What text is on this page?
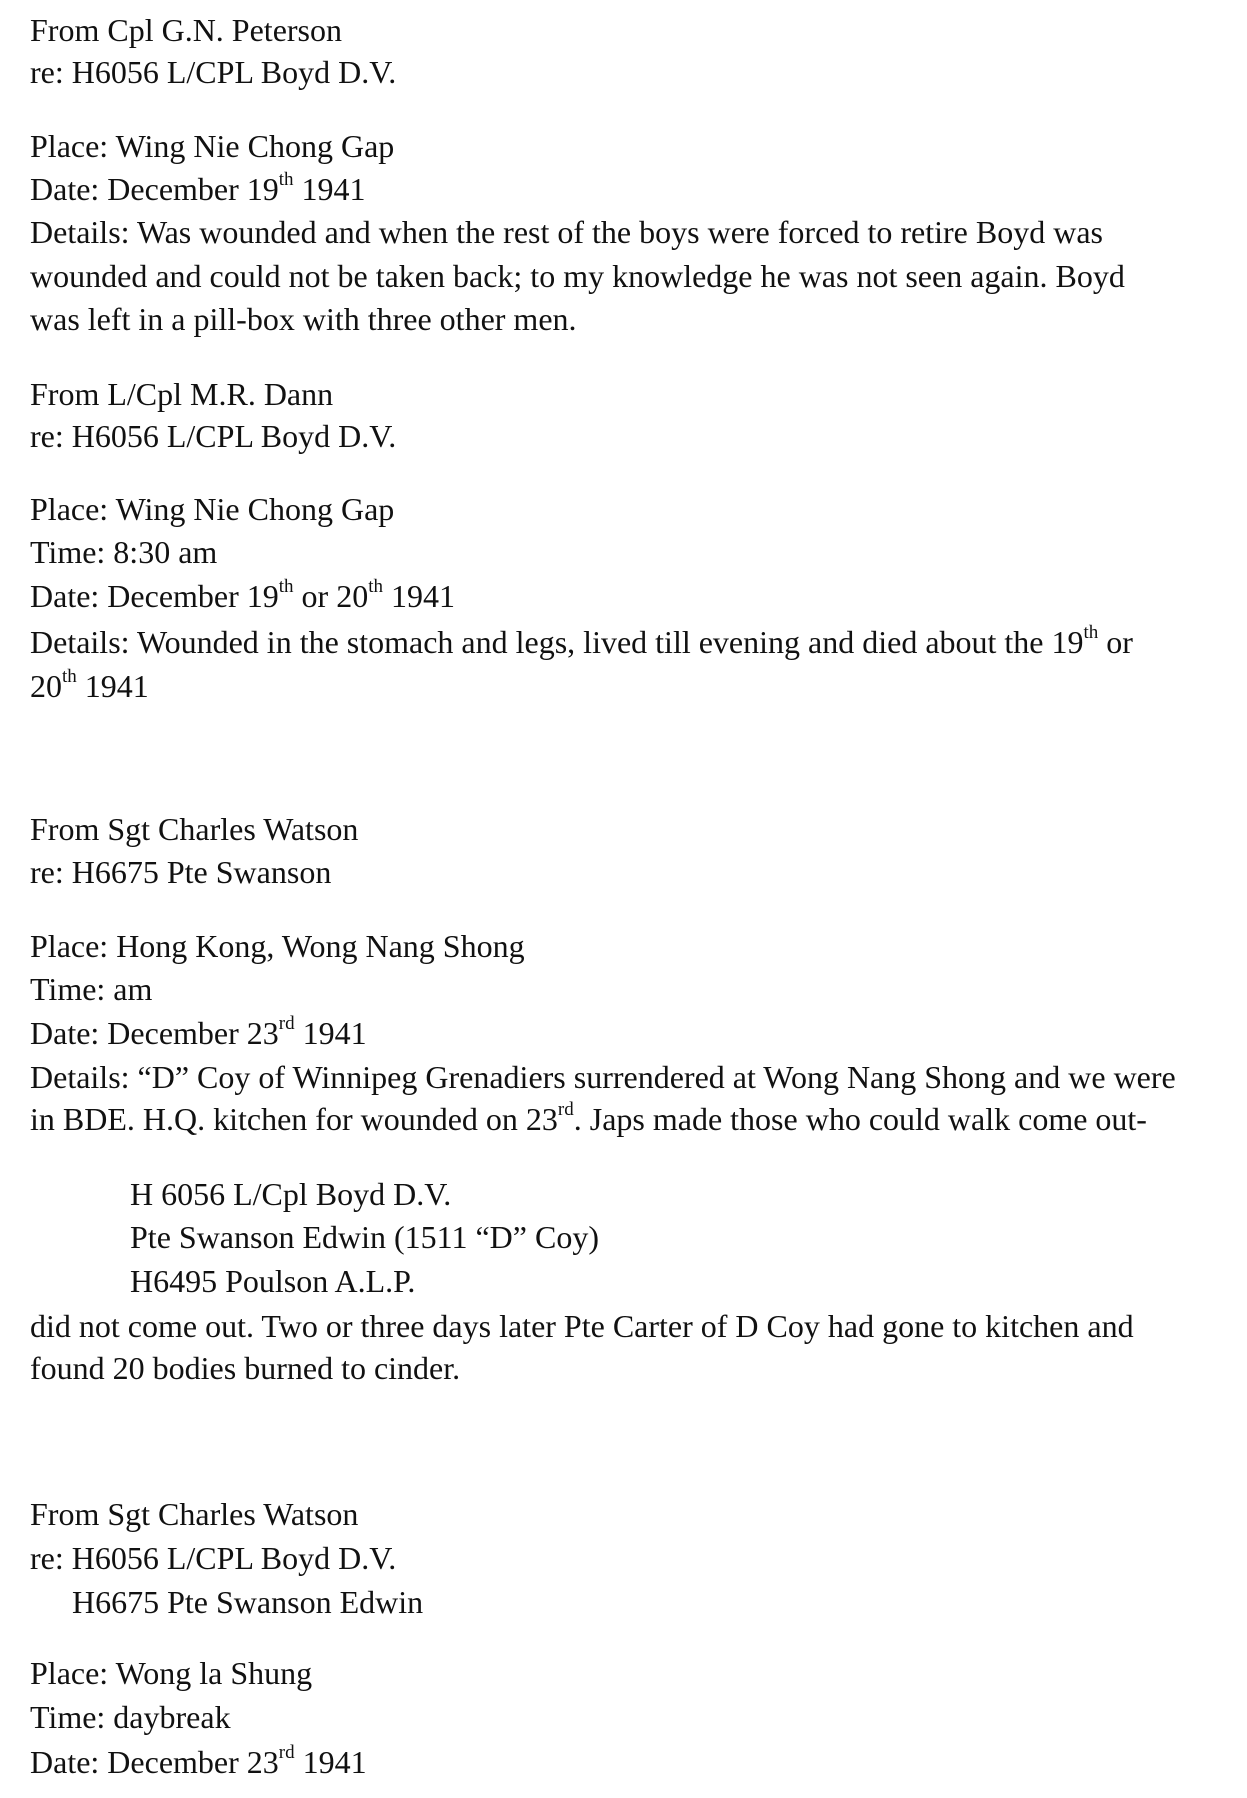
From Cpl G.N. Peterson
re: H6056 L/CPL Boyd D.V.
Place: Wing Nie Chong Gap
Date: December 19th 1941
Details: Was wounded and when the rest of the boys were forced to retire Boyd was
wounded and could not be taken back; to my knowledge he was not seen again. Boyd
was left in a pill-box with three other men.
From L/Cpl M.R. Dann
re: H6056 L/CPL Boyd D.V.
Place: Wing Nie Chong Gap
Time: 8:30 am
Date: December 19th or 20th 1941
Details: Wounded in the stomach and legs, lived till evening and died about the 19th or
20th 1941
From Sgt Charles Watson
re: H6675 Pte Swanson
Place: Hong Kong, Wong Nang Shong
Time: am
Date: December 23rd 1941
Details: “D” Coy of Winnipeg Grenadiers surrendered at Wong Nang Shong and we were
in BDE. H.Q. kitchen for wounded on 23rd. Japs made those who could walk come out-
H 6056 L/Cpl Boyd D.V.
Pte Swanson Edwin (1511 “D” Coy)
H6495 Poulson A.L.P.
did not come out. Two or three days later Pte Carter of D Coy had gone to kitchen and
found 20 bodies burned to cinder.
From Sgt Charles Watson
re: H6056 L/CPL Boyd D.V.
H6675 Pte Swanson Edwin
Place: Wong la Shung
Time: daybreak
Date: December 23rd 1941
